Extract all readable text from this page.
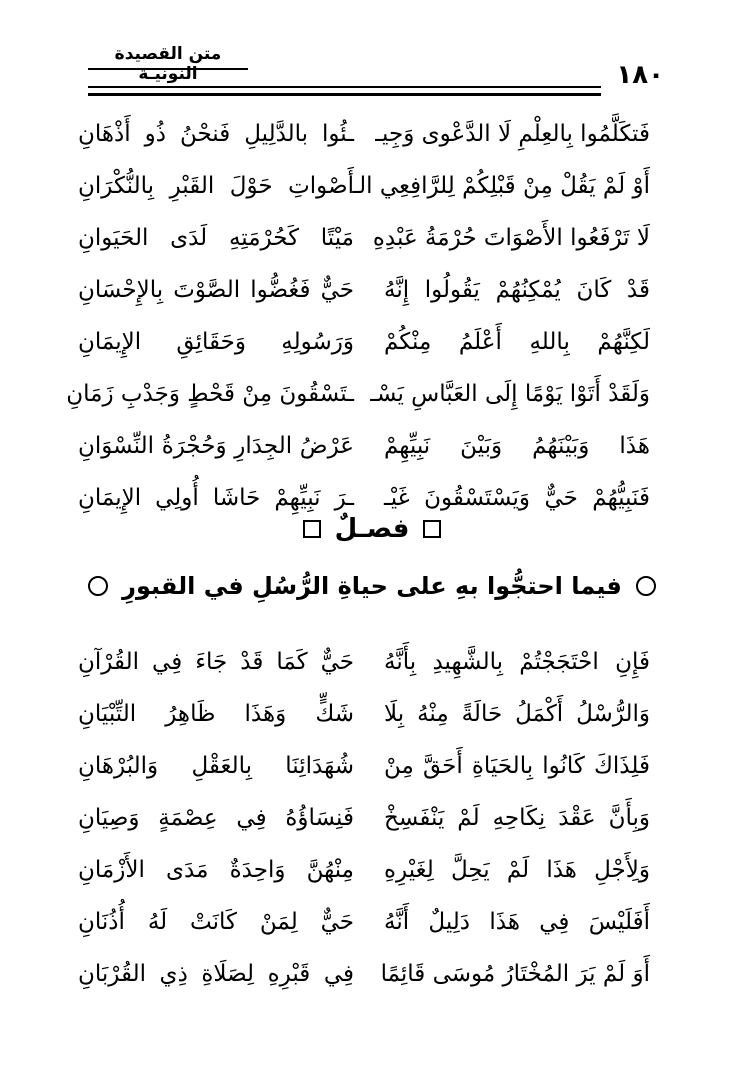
متن القصيدة النونيـة	١٨٠
فَتكَلَّمُوا بِالعِلْمِ لَا الدَّعْوى وَجِيـ
ـئُوا بالدَّلِيلِ فَنحْنُ ذُو أَذْهَانِ
أَوْ لَمْ يَقُلْ مِنْ قَبْلِكُمْ لِلرَّافِعِي الـ
أَصْواتِ حَوْلَ القَبْرِ بِالنُّكْرَانِ
لَا تَرْفَعُوا الأَصْوَاتَ حُرْمَةُ عَبْدِهِ
مَيْتًا كَحُرْمَتِهِ لَدَى الحَيَوانِ
قَدْ كَانَ يُمْكِنُهُمْ يَقُولُوا إِنَّهُ
حَيٌّ فَغُضُّوا الصَّوْتَ بِالإِحْسَانِ
لَكِنَّهُمْ بِاللهِ أَعْلَمُ مِنْكُمْ
وَرَسُولِهِ وَحَقَائِقِ الإِيمَانِ
وَلَقَدْ أَتَوْا يَوْمًا إِلَى العَبَّاسِ يَسْـ
ـتَسْقُونَ مِنْ قَحْطٍ وَجَدْبِ زَمَانِ
هَذَا وَبَيْنَهُمُ وَبَيْنَ نَبِيِّهِمْ
عَرْضُ الجِدَارِ وَحُجْرَةُ النِّسْوَانِ
فَنَبِيُّهُمْ حَيٌّ وَيَسْتَسْقُونَ غَيْـ
ـرَ نَبِيِّهِمْ حَاشَا أُولِي الإِيمَانِ
فصـلٌ
فيما احتجُّوا بهِ على حياةِ الرُّسُلِ في القبورِ
فَإِنِ احْتَجَجْتُمْ بِالشَّهِيدِ بِأَنَّهُ
حَيٌّ كَمَا قَدْ جَاءَ فِي القُرْآنِ
وَالرُّسْلُ أَكْمَلُ حَالَةً مِنْهُ بِلَا
شَكٍّ وَهَذَا ظَاهِرُ التِّبْيَانِ
فَلِذَاكَ كَانُوا بِالحَيَاةِ أَحَقَّ مِنْ
شُهَدَائِنَا بِالعَقْلِ وَالبُرْهَانِ
وَبِأَنَّ عَقْدَ نِكَاحِهِ لَمْ يَنْفَسِخْ
فَنِسَاؤُهُ فِي عِصْمَةٍ وَصِيَانِ
وَلِأَجْلِ هَذَا لَمْ يَحِلَّ لِغَيْرِهِ
مِنْهُنَّ وَاحِدَةٌ مَدَى الأَزْمَانِ
أَفَلَيْسَ فِي هَذَا دَلِيلٌ أَنَّهُ
حَيٌّ لِمَنْ كَانَتْ لَهُ أُذُنَانِ
أَوَ لَمْ يَرَ المُخْتَارُ مُوسَى قَائِمًا
فِي قَبْرِهِ لِصَلَاةِ ذِي القُرْبَانِ
